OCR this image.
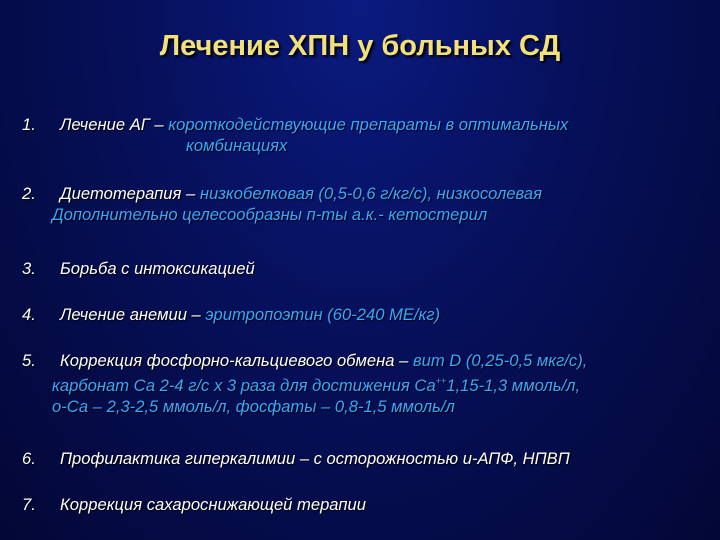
Лечение ХПН у больных СД
1. Лечение АГ – короткодействующие препараты в оптимальных
комбинациях
2. Диетотерапия – низкобелковая (0,5-0,6 г/кг/с), низкосолевая
Дополнительно целесообразны п-ты а.к.- кетостерил
3. Борьба с интоксикацией
4. Лечение анемии – эритропоэтин (60-240 МЕ/кг)
5. Коррекция фосфорно-кальциевого обмена – вит D (0,25-0,5 мкг/с),
карбонат Са 2-4 г/с х 3 раза для достижения Са++1,15-1,3 ммоль/л,
о-Са – 2,3-2,5 ммоль/л, фосфаты – 0,8-1,5 ммоль/л
6. Профилактика гиперкалимии – с осторожностью и-АПФ, НПВП
7. Коррекция сахароснижающей терапии
